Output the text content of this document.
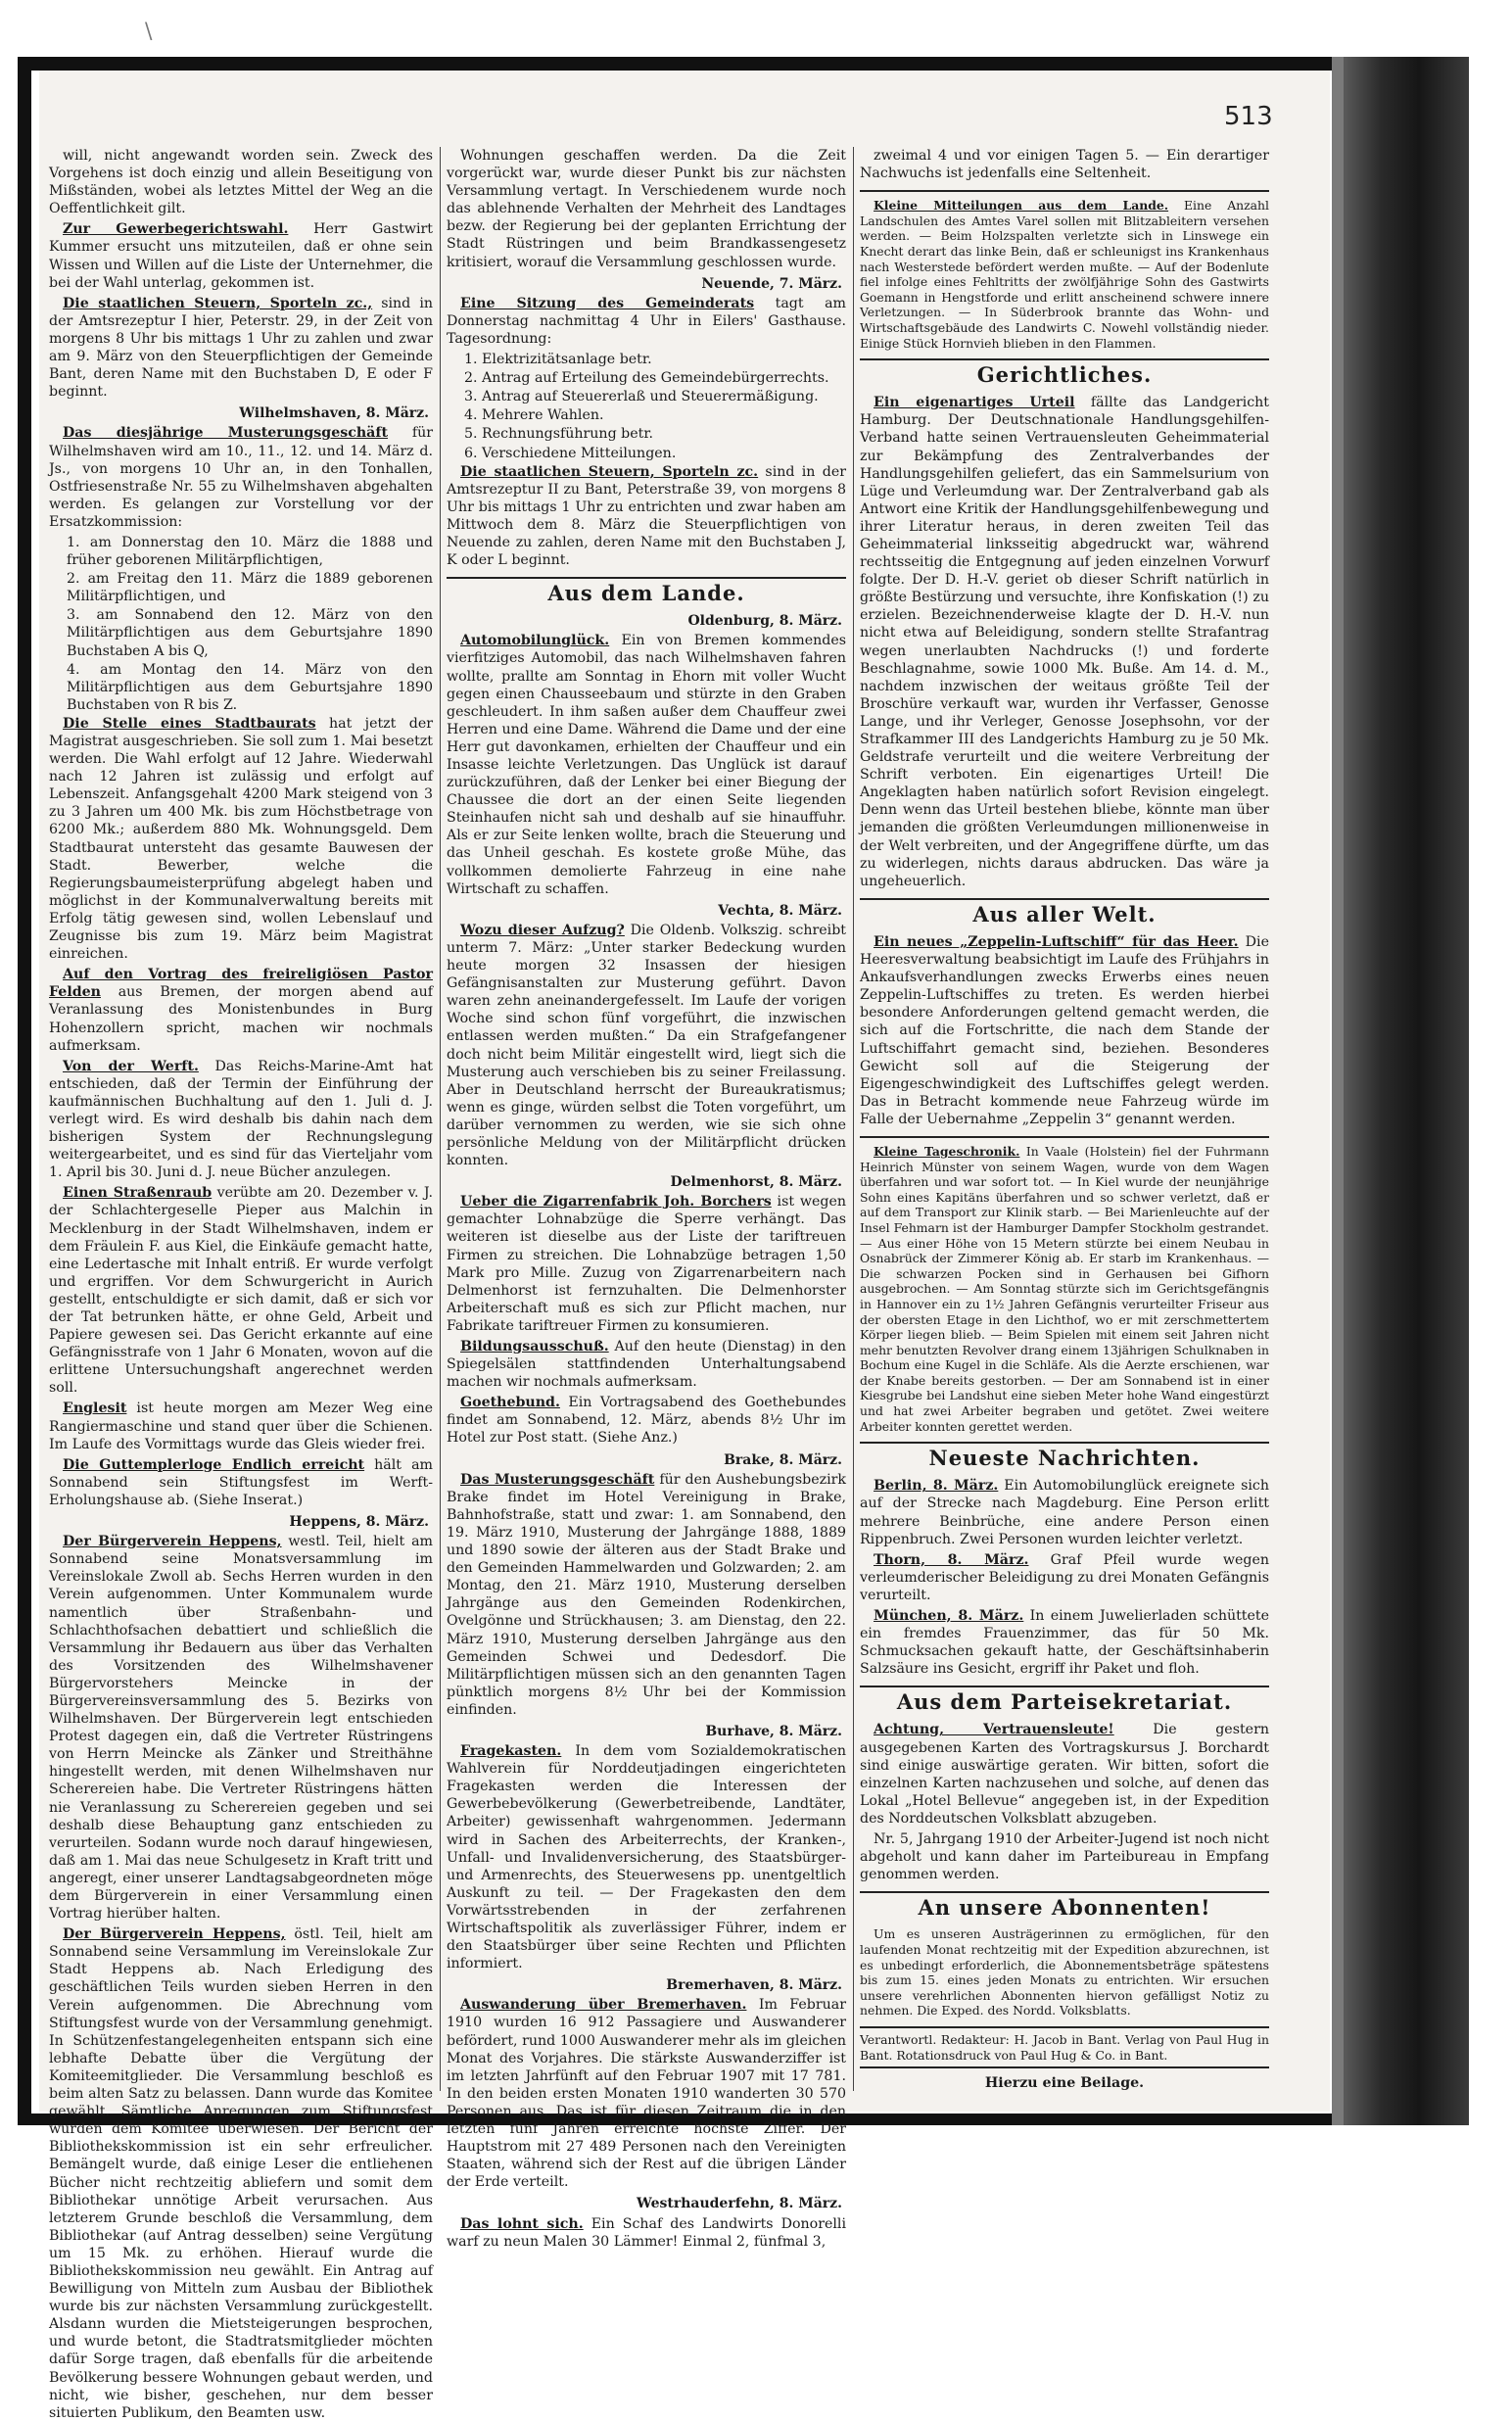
\
513
will, nicht angewandt worden sein. Zweck des Vorgehens ist doch einzig und allein Beseitigung von Mißständen, wobei als letztes Mittel der Weg an die Oeffentlichkeit gilt.
Zur Gewerbegerichtswahl. Herr Gastwirt Kummer ersucht uns mitzuteilen, daß er ohne sein Wissen und Willen auf die Liste der Unternehmer, die bei der Wahl unterlag, gekommen ist.
Die staatlichen Steuern, Sporteln zc., sind in der Amtsrezeptur I hier, Peterstr. 29, in der Zeit von morgens 8 Uhr bis mittags 1 Uhr zu zahlen und zwar am 9. März von den Steuerpflichtigen der Gemeinde Bant, deren Name mit den Buchstaben D, E oder F beginnt.
Wilhelmshaven, 8. März.
Das diesjährige Musterungsgeschäft für Wilhelmshaven wird am 10., 11., 12. und 14. März d. Js., von morgens 10 Uhr an, in den Tonhallen, Ostfriesenstraße Nr. 55 zu Wilhelmshaven abgehalten werden. Es gelangen zur Vorstellung vor der Ersatzkommission:
1. am Donnerstag den 10. März die 1888 und früher geborenen Militärpflichtigen,
2. am Freitag den 11. März die 1889 geborenen Militärpflichtigen, und
3. am Sonnabend den 12. März von den Militärpflichtigen aus dem Geburtsjahre 1890 Buchstaben A bis Q,
4. am Montag den 14. März von den Militärpflichtigen aus dem Geburtsjahre 1890 Buchstaben von R bis Z.
Die Stelle eines Stadtbaurats hat jetzt der Magistrat ausgeschrieben. Sie soll zum 1. Mai besetzt werden. Die Wahl erfolgt auf 12 Jahre. Wiederwahl nach 12 Jahren ist zulässig und erfolgt auf Lebenszeit. Anfangsgehalt 4200 Mark steigend von 3 zu 3 Jahren um 400 Mk. bis zum Höchstbetrage von 6200 Mk.; außerdem 880 Mk. Wohnungsgeld. Dem Stadtbaurat untersteht das gesamte Bauwesen der Stadt. Bewerber, welche die Regierungsbaumeisterprüfung abgelegt haben und möglichst in der Kommunalverwaltung bereits mit Erfolg tätig gewesen sind, wollen Lebenslauf und Zeugnisse bis zum 19. März beim Magistrat einreichen.
Auf den Vortrag des freireligiösen Pastor Felden aus Bremen, der morgen abend auf Veranlassung des Monistenbundes in Burg Hohenzollern spricht, machen wir nochmals aufmerksam.
Von der Werft. Das Reichs-Marine-Amt hat entschieden, daß der Termin der Einführung der kaufmännischen Buchhaltung auf den 1. Juli d. J. verlegt wird. Es wird deshalb bis dahin nach dem bisherigen System der Rechnungslegung weitergearbeitet, und es sind für das Vierteljahr vom 1. April bis 30. Juni d. J. neue Bücher anzulegen.
Einen Straßenraub verübte am 20. Dezember v. J. der Schlachtergeselle Pieper aus Malchin in Mecklenburg in der Stadt Wilhelmshaven, indem er dem Fräulein F. aus Kiel, die Einkäufe gemacht hatte, eine Ledertasche mit Inhalt entriß. Er wurde verfolgt und ergriffen. Vor dem Schwurgericht in Aurich gestellt, entschuldigte er sich damit, daß er sich vor der Tat betrunken hätte, er ohne Geld, Arbeit und Papiere gewesen sei. Das Gericht erkannte auf eine Gefängnisstrafe von 1 Jahr 6 Monaten, wovon auf die erlittene Untersuchungshaft angerechnet werden soll.
Englesit ist heute morgen am Mezer Weg eine Rangiermaschine und stand quer über die Schienen. Im Laufe des Vormittags wurde das Gleis wieder frei.
Die Guttemplerloge Endlich erreicht hält am Sonnabend sein Stiftungsfest im Werft-Erholungshause ab. (Siehe Inserat.)
Heppens, 8. März.
Der Bürgerverein Heppens, westl. Teil, hielt am Sonnabend seine Monatsversammlung im Vereinslokale Zwoll ab. Sechs Herren wurden in den Verein aufgenommen. Unter Kommunalem wurde namentlich über Straßenbahn- und Schlachthofsachen debattiert und schließlich die Versammlung ihr Bedauern aus über das Verhalten des Vorsitzenden des Wilhelmshavener Bürgervorstehers Meincke in der Bürgervereinsversammlung des 5. Bezirks von Wilhelmshaven. Der Bürgerverein legt entschieden Protest dagegen ein, daß die Vertreter Rüstringens von Herrn Meincke als Zänker und Streithähne hingestellt werden, mit denen Wilhelmshaven nur Scherereien habe. Die Vertreter Rüstringens hätten nie Veranlassung zu Scherereien gegeben und sei deshalb diese Behauptung ganz entschieden zu verurteilen. Sodann wurde noch darauf hingewiesen, daß am 1. Mai das neue Schulgesetz in Kraft tritt und angeregt, einer unserer Landtagsabgeordneten möge dem Bürgerverein in einer Versammlung einen Vortrag hierüber halten.
Der Bürgerverein Heppens, östl. Teil, hielt am Sonnabend seine Versammlung im Vereinslokale Zur Stadt Heppens ab. Nach Erledigung des geschäftlichen Teils wurden sieben Herren in den Verein aufgenommen. Die Abrechnung vom Stiftungsfest wurde von der Versammlung genehmigt. In Schützenfestangelegenheiten entspann sich eine lebhafte Debatte über die Vergütung der Komiteemitglieder. Die Versammlung beschloß es beim alten Satz zu belassen. Dann wurde das Komitee gewählt. Sämtliche Anregungen zum Stiftungsfest wurden dem Komitee überwiesen. Der Bericht der Bibliothekskommission ist ein sehr erfreulicher. Bemängelt wurde, daß einige Leser die entliehenen Bücher nicht rechtzeitig abliefern und somit dem Bibliothekar unnötige Arbeit verursachen. Aus letzterem Grunde beschloß die Versammlung, dem Bibliothekar (auf Antrag desselben) seine Vergütung um 15 Mk. zu erhöhen. Hierauf wurde die Bibliothekskommission neu gewählt. Ein Antrag auf Bewilligung von Mitteln zum Ausbau der Bibliothek wurde bis zur nächsten Versammlung zurückgestellt. Alsdann wurden die Mietsteigerungen besprochen, und wurde betont, die Stadtratsmitglieder möchten dafür Sorge tragen, daß ebenfalls für die arbeitende Bevölkerung bessere Wohnungen gebaut werden, und nicht, wie bisher, geschehen, nur dem besser situierten Publikum, den Beamten usw.
Wohnungen geschaffen werden. Da die Zeit vorgerückt war, wurde dieser Punkt bis zur nächsten Versammlung vertagt. In Verschiedenem wurde noch das ablehnende Verhalten der Mehrheit des Landtages bezw. der Regierung bei der geplanten Errichtung der Stadt Rüstringen und beim Brandkassengesetz kritisiert, worauf die Versammlung geschlossen wurde.
Neuende, 7. März.
Eine Sitzung des Gemeinderats tagt am Donnerstag nachmittag 4 Uhr in Eilers' Gasthause. Tagesordnung:
1. Elektrizitätsanlage betr.
2. Antrag auf Erteilung des Gemeindebürgerrechts.
3. Antrag auf Steuererlaß und Steuerermäßigung.
4. Mehrere Wahlen.
5. Rechnungsführung betr.
6. Verschiedene Mitteilungen.
Die staatlichen Steuern, Sporteln zc. sind in der Amtsrezeptur II zu Bant, Peterstraße 39, von morgens 8 Uhr bis mittags 1 Uhr zu entrichten und zwar haben am Mittwoch dem 8. März die Steuerpflichtigen von Neuende zu zahlen, deren Name mit den Buchstaben J, K oder L beginnt.
Aus dem Lande.
Oldenburg, 8. März.
Automobilunglück. Ein von Bremen kommendes vierfitziges Automobil, das nach Wilhelmshaven fahren wollte, prallte am Sonntag in Ehorn mit voller Wucht gegen einen Chausseebaum und stürzte in den Graben geschleudert. In ihm saßen außer dem Chauffeur zwei Herren und eine Dame. Während die Dame und der eine Herr gut davonkamen, erhielten der Chauffeur und ein Insasse leichte Verletzungen. Das Unglück ist darauf zurückzuführen, daß der Lenker bei einer Biegung der Chaussee die dort an der einen Seite liegenden Steinhaufen nicht sah und deshalb auf sie hinauffuhr. Als er zur Seite lenken wollte, brach die Steuerung und das Unheil geschah. Es kostete große Mühe, das vollkommen demolierte Fahrzeug in eine nahe Wirtschaft zu schaffen.
Vechta, 8. März.
Wozu dieser Aufzug? Die Oldenb. Volkszig. schreibt unterm 7. März: „Unter starker Bedeckung wurden heute morgen 32 Insassen der hiesigen Gefängnisanstalten zur Musterung geführt. Davon waren zehn aneinandergefesselt. Im Laufe der vorigen Woche sind schon fünf vorgeführt, die inzwischen entlassen werden mußten.“ Da ein Strafgefangener doch nicht beim Militär eingestellt wird, liegt sich die Musterung auch verschieben bis zu seiner Freilassung. Aber in Deutschland herrscht der Bureaukratismus; wenn es ginge, würden selbst die Toten vorgeführt, um darüber vernommen zu werden, wie sie sich ohne persönliche Meldung von der Militärpflicht drücken konnten.
Delmenhorst, 8. März.
Ueber die Zigarrenfabrik Joh. Borchers ist wegen gemachter Lohnabzüge die Sperre verhängt. Das weiteren ist dieselbe aus der Liste der tariftreuen Firmen zu streichen. Die Lohnabzüge betragen 1,50 Mark pro Mille. Zuzug von Zigarrenarbeitern nach Delmenhorst ist fernzuhalten. Die Delmenhorster Arbeiterschaft muß es sich zur Pflicht machen, nur Fabrikate tariftreuer Firmen zu konsumieren.
Bildungsausschuß. Auf den heute (Dienstag) in den Spiegelsälen stattfindenden Unterhaltungsabend machen wir nochmals aufmerksam.
Goethebund. Ein Vortragsabend des Goethebundes findet am Sonnabend, 12. März, abends 8½ Uhr im Hotel zur Post statt. (Siehe Anz.)
Brake, 8. März.
Das Musterungsgeschäft für den Aushebungsbezirk Brake findet im Hotel Vereinigung in Brake, Bahnhofstraße, statt und zwar: 1. am Sonnabend, den 19. März 1910, Musterung der Jahrgänge 1888, 1889 und 1890 sowie der älteren aus der Stadt Brake und den Gemeinden Hammelwarden und Golzwarden; 2. am Montag, den 21. März 1910, Musterung derselben Jahrgänge aus den Gemeinden Rodenkirchen, Ovelgönne und Strückhausen; 3. am Dienstag, den 22. März 1910, Musterung derselben Jahrgänge aus den Gemeinden Schwei und Dedesdorf. Die Militärpflichtigen müssen sich an den genannten Tagen pünktlich morgens 8½ Uhr bei der Kommission einfinden.
Burhave, 8. März.
Fragekasten. In dem vom Sozialdemokratischen Wahlverein für Norddeutjadingen eingerichteten Fragekasten werden die Interessen der Gewerbebevölkerung (Gewerbetreibende, Landtäter, Arbeiter) gewissenhaft wahrgenommen. Jedermann wird in Sachen des Arbeiterrechts, der Kranken-, Unfall- und Invalidenversicherung, des Staatsbürger- und Armenrechts, des Steuerwesens pp. unentgeltlich Auskunft zu teil. — Der Fragekasten den dem Vorwärtsstrebenden in der zerfahrenen Wirtschaftspolitik als zuverlässiger Führer, indem er den Staatsbürger über seine Rechten und Pflichten informiert.
Bremerhaven, 8. März.
Auswanderung über Bremerhaven. Im Februar 1910 wurden 16 912 Passagiere und Auswanderer befördert, rund 1000 Auswanderer mehr als im gleichen Monat des Vorjahres. Die stärkste Auswanderziffer ist im letzten Jahrfünft auf den Februar 1907 mit 17 781. In den beiden ersten Monaten 1910 wanderten 30 570 Personen aus. Das ist für diesen Zeitraum die in den letzten fünf Jahren erreichte höchste Ziffer. Der Hauptstrom mit 27 489 Personen nach den Vereinigten Staaten, während sich der Rest auf die übrigen Länder der Erde verteilt.
Westrhauderfehn, 8. März.
Das lohnt sich. Ein Schaf des Landwirts Donorelli warf zu neun Malen 30 Lämmer! Einmal 2, fünfmal 3,
zweimal 4 und vor einigen Tagen 5. — Ein derartiger Nachwuchs ist jedenfalls eine Seltenheit.
Kleine Mitteilungen aus dem Lande. Eine Anzahl Landschulen des Amtes Varel sollen mit Blitzableitern versehen werden. — Beim Holzspalten verletzte sich in Linswege ein Knecht derart das linke Bein, daß er schleunigst ins Krankenhaus nach Westerstede befördert werden mußte. — Auf der Bodenlute fiel infolge eines Fehltritts der zwölfjährige Sohn des Gastwirts Goemann in Hengstforde und erlitt anscheinend schwere innere Verletzungen. — In Süderbrook brannte das Wohn- und Wirtschaftsgebäude des Landwirts C. Nowehl vollständig nieder. Einige Stück Hornvieh blieben in den Flammen.
Gerichtliches.
Ein eigenartiges Urteil fällte das Landgericht Hamburg. Der Deutschnationale Handlungsgehilfen-Verband hatte seinen Vertrauensleuten Geheimmaterial zur Bekämpfung des Zentralverbandes der Handlungsgehilfen geliefert, das ein Sammelsurium von Lüge und Verleumdung war. Der Zentralverband gab als Antwort eine Kritik der Handlungsgehilfenbewegung und ihrer Literatur heraus, in deren zweiten Teil das Geheimmaterial linksseitig abgedruckt war, während rechtsseitig die Entgegnung auf jeden einzelnen Vorwurf folgte. Der D. H.-V. geriet ob dieser Schrift natürlich in größte Bestürzung und versuchte, ihre Konfiskation (!) zu erzielen. Bezeichnenderweise klagte der D. H.-V. nun nicht etwa auf Beleidigung, sondern stellte Strafantrag wegen unerlaubten Nachdrucks (!) und forderte Beschlagnahme, sowie 1000 Mk. Buße. Am 14. d. M., nachdem inzwischen der weitaus größte Teil der Broschüre verkauft war, wurden ihr Verfasser, Genosse Lange, und ihr Verleger, Genosse Josephsohn, vor der Strafkammer III des Landgerichts Hamburg zu je 50 Mk. Geldstrafe verurteilt und die weitere Verbreitung der Schrift verboten. Ein eigenartiges Urteil! Die Angeklagten haben natürlich sofort Revision eingelegt. Denn wenn das Urteil bestehen bliebe, könnte man über jemanden die größten Verleumdungen millionenweise in der Welt verbreiten, und der Angegriffene dürfte, um das zu widerlegen, nichts daraus abdrucken. Das wäre ja ungeheuerlich.
Aus aller Welt.
Ein neues „Zeppelin-Luftschiff“ für das Heer. Die Heeresverwaltung beabsichtigt im Laufe des Frühjahrs in Ankaufsverhandlungen zwecks Erwerbs eines neuen Zeppelin-Luftschiffes zu treten. Es werden hierbei besondere Anforderungen geltend gemacht werden, die sich auf die Fortschritte, die nach dem Stande der Luftschiffahrt gemacht sind, beziehen. Besonderes Gewicht soll auf die Steigerung der Eigengeschwindigkeit des Luftschiffes gelegt werden. Das in Betracht kommende neue Fahrzeug würde im Falle der Uebernahme „Zeppelin 3“ genannt werden.
Kleine Tageschronik. In Vaale (Holstein) fiel der Fuhrmann Heinrich Münster von seinem Wagen, wurde von dem Wagen überfahren und war sofort tot. — In Kiel wurde der neunjährige Sohn eines Kapitäns überfahren und so schwer verletzt, daß er auf dem Transport zur Klinik starb. — Bei Marienleuchte auf der Insel Fehmarn ist der Hamburger Dampfer Stockholm gestrandet. — Aus einer Höhe von 15 Metern stürzte bei einem Neubau in Osnabrück der Zimmerer König ab. Er starb im Krankenhaus. — Die schwarzen Pocken sind in Gerhausen bei Gifhorn ausgebrochen. — Am Sonntag stürzte sich im Gerichtsgefängnis in Hannover ein zu 1½ Jahren Gefängnis verurteilter Friseur aus der obersten Etage in den Lichthof, wo er mit zerschmettertem Körper liegen blieb. — Beim Spielen mit einem seit Jahren nicht mehr benutzten Revolver drang einem 13jährigen Schulknaben in Bochum eine Kugel in die Schläfe. Als die Aerzte erschienen, war der Knabe bereits gestorben. — Der am Sonnabend ist in einer Kiesgrube bei Landshut eine sieben Meter hohe Wand eingestürzt und hat zwei Arbeiter begraben und getötet. Zwei weitere Arbeiter konnten gerettet werden.
Neueste Nachrichten.
Berlin, 8. März. Ein Automobilunglück ereignete sich auf der Strecke nach Magdeburg. Eine Person erlitt mehrere Beinbrüche, eine andere Person einen Rippenbruch. Zwei Personen wurden leichter verletzt.
Thorn, 8. März. Graf Pfeil wurde wegen verleumderischer Beleidigung zu drei Monaten Gefängnis verurteilt.
München, 8. März. In einem Juwelierladen schüttete ein fremdes Frauenzimmer, das für 50 Mk. Schmucksachen gekauft hatte, der Geschäftsinhaberin Salzsäure ins Gesicht, ergriff ihr Paket und floh.
Aus dem Parteisekretariat.
Achtung, Vertrauensleute! Die gestern ausgegebenen Karten des Vortragskursus J. Borchardt sind einige auswärtige geraten. Wir bitten, sofort die einzelnen Karten nachzusehen und solche, auf denen das Lokal „Hotel Bellevue“ angegeben ist, in der Expedition des Norddeutschen Volksblatt abzugeben.
Nr. 5, Jahrgang 1910 der Arbeiter-Jugend ist noch nicht abgeholt und kann daher im Parteibureau in Empfang genommen werden.
An unsere Abonnenten!
Um es unseren Austrägerinnen zu ermöglichen, für den laufenden Monat rechtzeitig mit der Expedition abzurechnen, ist es unbedingt erforderlich, die Abonnementsbeträge spätestens bis zum 15. eines jeden Monats zu entrichten. Wir ersuchen unsere verehrlichen Abonnenten hiervon gefälligst Notiz zu nehmen. Die Exped. des Nordd. Volksblatts.
Verantwortl. Redakteur: H. Jacob in Bant. Verlag von Paul Hug in Bant. Rotationsdruck von Paul Hug & Co. in Bant.
Hierzu eine Beilage.
